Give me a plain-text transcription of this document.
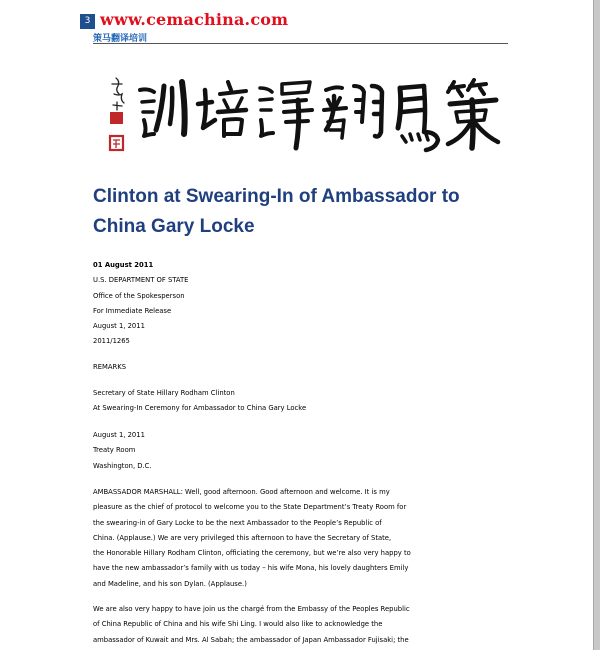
3 www.cemachina.com
策马翻译培训
策馬翻譯培訓
Clinton at Swearing-In of Ambassador to
China Gary Locke
01 August 2011
U.S. DEPARTMENT OF STATE
Office of the Spokesperson
For Immediate Release
August 1, 2011
2011/1265
REMARKS
Secretary of State Hillary Rodham Clinton
At Swearing-In Ceremony for Ambassador to China Gary Locke
August 1, 2011
Treaty Room
Washington, D.C.
AMBASSADOR MARSHALL: Well, good afternoon. Good afternoon and welcome. It is my
pleasure as the chief of protocol to welcome you to the State Department’s Treaty Room for
the swearing-in of Gary Locke to be the next Ambassador to the People’s Republic of
China. (Applause.) We are very privileged this afternoon to have the Secretary of State,
the Honorable Hillary Rodham Clinton, officiating the ceremony, but we’re also very happy to
have the new ambassador’s family with us today – his wife Mona, his lovely daughters Emily
and Madeline, and his son Dylan. (Applause.)
We are also very happy to have join us the chargé from the Embassy of the Peoples Republic
of China Republic of China and his wife Shi Ling. I would also like to acknowledge the
ambassador of Kuwait and Mrs. Al Sabah; the ambassador of Japan Ambassador Fujisaki; the
